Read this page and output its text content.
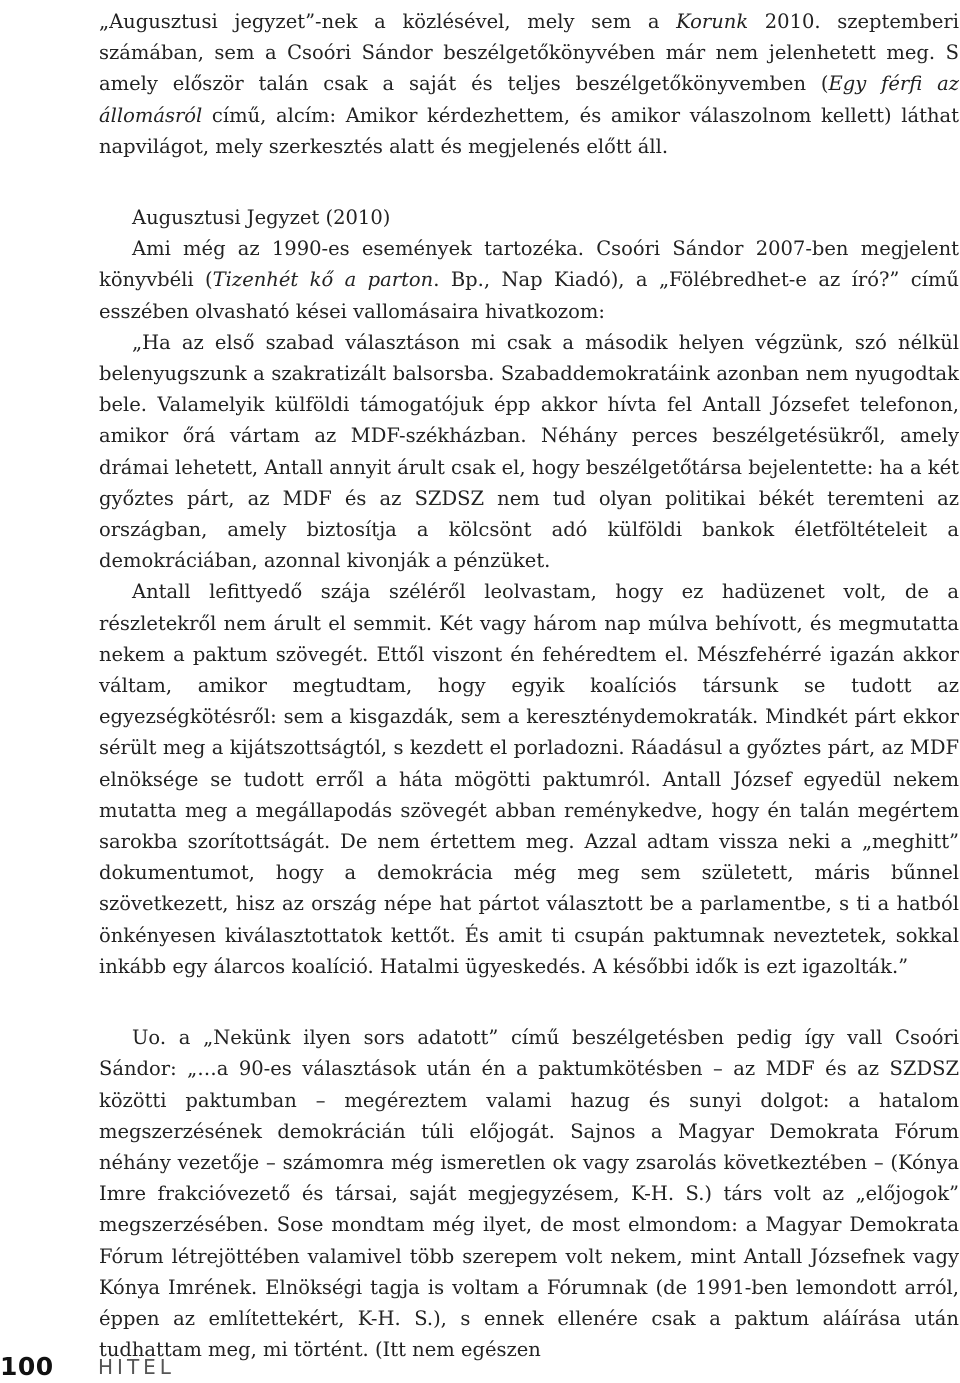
„Augusztusi jegyzet”-nek a közlésével, mely sem a Korunk 2010. szeptemberi számában, sem a Csoóri Sándor beszélgetőkönyvében már nem jelenhetett meg. S amely először talán csak a saját és teljes beszélgetőkönyvemben (Egy férfi az állomásról című, alcím: Amikor kérdezhettem, és amikor válaszolnom kellett) láthat napvilágot, mely szerkesztés alatt és megjelenés előtt áll.

Augusztusi Jegyzet (2010)

Ami még az 1990-es események tartozéka. Csoóri Sándor 2007-ben megjelent könyvbéli (Tizenhét kő a parton. Bp., Nap Kiadó), a „Fölébredhet-e az író?” című esszében olvasható kései vallomásaira hivatkozom:

„Ha az első szabad választáson mi csak a második helyen végzünk, szó nélkül belenyugszunk a szakratizált balsorsba. Szabaddemokratáink azonban nem nyugodtak bele. Valamelyik külföldi támogatójuk épp akkor hívta fel Antall Józsefet telefonon, amikor őrá vártam az MDF-székházban. Néhány perces beszélgetésükről, amely drámai lehetett, Antall annyit árult csak el, hogy beszélgetőtársa bejelentette: ha a két győztes párt, az MDF és az SZDSZ nem tud olyan politikai békét teremteni az országban, amely biztosítja a kölcsönt adó külföldi bankok életföltételeit a demokráciában, azonnal kivonják a pénzüket.

Antall lefittyedő szája széléről leolvastam, hogy ez hadüzenet volt, de a részletekről nem árult el semmit. Két vagy három nap múlva behívott, és megmutatta nekem a paktum szövegét. Ettől viszont én fehéredtem el. Mészfehérré igazán akkor váltam, amikor megtudtam, hogy egyik koalíciós társunk se tudott az egyezségkötésről: sem a kisgazdák, sem a kereszténydemokraták. Mindkét párt ekkor sérült meg a kijátszottságtól, s kezdett el porladozni. Ráadásul a győztes párt, az MDF elnöksége se tudott erről a háta mögötti paktumról. Antall József egyedül nekem mutatta meg a megállapodás szövegét abban reménykedve, hogy én talán megértem sarokba szorítottságát. De nem értettem meg. Azzal adtam vissza neki a „meghitt” dokumentumot, hogy a demokrácia még meg sem született, máris bűnnel szövetkezett, hisz az ország népe hat pártot választott be a parlamentbe, s ti a hatból önkényesen kiválasztottatok kettőt. És amit ti csupán paktumnak neveztetek, sokkal inkább egy álarcos koalíció. Hatalmi ügyeskedés. A későbbi idők is ezt igazolták.”

Uo. a „Nekünk ilyen sors adatott” című beszélgetésben pedig így vall Csoóri Sándor: „…a 90-es választások után én a paktumkötésben – az MDF és az SZDSZ közötti paktumban – megéreztem valami hazug és sunyi dolgot: a hatalom megszerzésének demokrácián túli előjogát. Sajnos a Magyar Demokrata Fórum néhány vezetője – számomra még ismeretlen ok vagy zsarolás következtében – (Kónya Imre frakcióvezető és társai, saját megjegyzésem, K-H. S.) társ volt az „előjogok” megszerzésében. Sose mondtam még ilyet, de most elmondom: a Magyar Demokrata Fórum létrejöttében valamivel több szerepem volt nekem, mint Antall Józsefnek vagy Kónya Imrének. Elnökségi tagja is voltam a Fórumnak (de 1991-ben lemondott arról, éppen az említettekért, K-H. S.), s ennek ellenére csak a paktum aláírása után tudhattam meg, mi történt. (Itt nem egészen

100 HITEL
